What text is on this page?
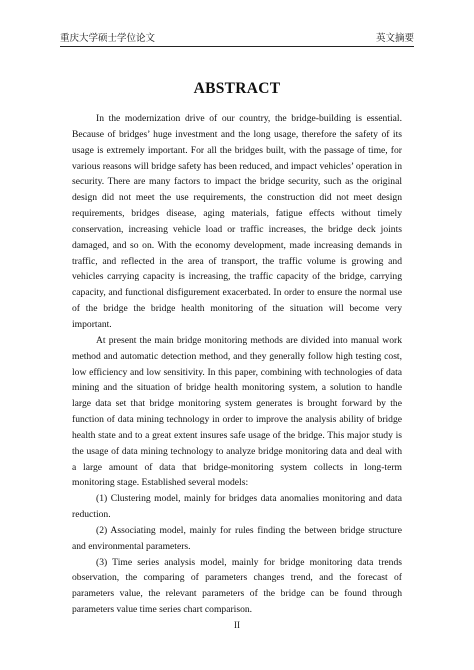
重庆大学硕士学位论文	英文摘要
ABSTRACT

In the modernization drive of our country, the bridge-building is essential. Because of bridges’ huge investment and the long usage, therefore the safety of its usage is extremely important. For all the bridges built, with the passage of time, for various reasons will bridge safety has been reduced, and impact vehicles’ operation in security. There are many factors to impact the bridge security, such as the original design did not meet the use requirements, the construction did not meet design requirements, bridges disease, aging materials, fatigue effects without timely conservation, increasing vehicle load or traffic increases, the bridge deck joints damaged, and so on. With the economy development, made increasing demands in traffic, and reflected in the area of transport, the traffic volume is growing and vehicles carrying capacity is increasing, the traffic capacity of the bridge, carrying capacity, and functional disfigurement exacerbated. In order to ensure the normal use of the bridge the bridge health monitoring of the situation will become very important.

At present the main bridge monitoring methods are divided into manual work method and automatic detection method, and they generally follow high testing cost, low efficiency and low sensitivity. In this paper, combining with technologies of data mining and the situation of bridge health monitoring system, a solution to handle large data set that bridge monitoring system generates is brought forward by the function of data mining technology in order to improve the analysis ability of bridge health state and to a great extent insures safe usage of the bridge. This major study is the usage of data mining technology to analyze bridge monitoring data and deal with a large amount of data that bridge-monitoring system collects in long-term monitoring stage. Established several models:

(1) Clustering model, mainly for bridges data anomalies monitoring and data reduction.

(2) Associating model, mainly for rules finding the between bridge structure and environmental parameters.

(3) Time series analysis model, mainly for bridge monitoring data trends observation, the comparing of parameters changes trend, and the forecast of parameters value, the relevant parameters of the bridge can be found through parameters value time series chart comparison.

II
